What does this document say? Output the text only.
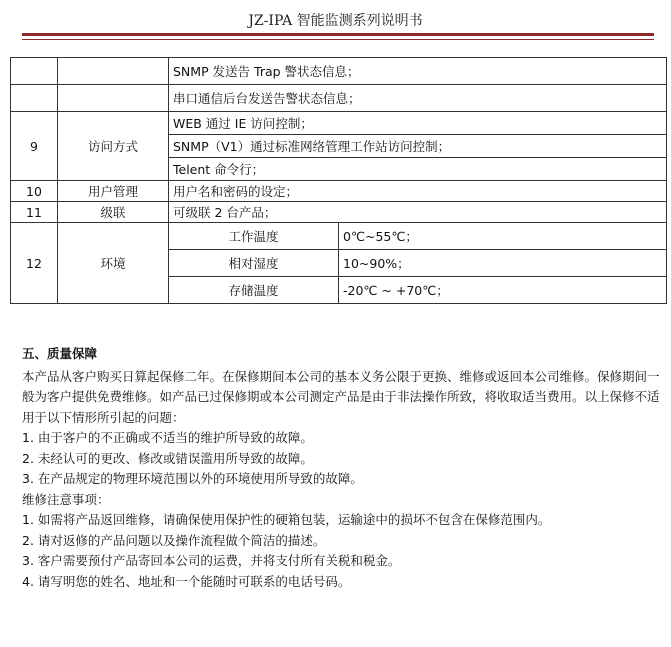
JZ-IPA 智能监测系列说明书
		SNMP 发送告 Trap 警状态信息；	
		串口通信后台发送告警状态信息；	
9	访问方式	WEB 通过 IE 访问控制；	
		SNMP（V1）通过标准网络管理工作站访问控制；	
		Telent 命令行；	
10	用户管理	用户名和密码的设定；	
11	级联	可级联 2 台产品；	
12	环境	工作温度	0℃~55℃；
		相对湿度	10~90%；
		存储温度	-20℃ ~ +70℃；
五、质量保障

本产品从客户购买日算起保修二年。在保修期间本公司的基本义务公限于更换、维修或返回本公司维修。保修期间一般为客户提供免费维修。如产品已过保修期或本公司测定产品是由于非法操作所致，将收取适当费用。以上保修不适用于以下情形所引起的问题：

1. 由于客户的不正确或不适当的维护所导致的故障。

2. 未经认可的更改、修改或错误滥用所导致的故障。

3. 在产品规定的物理环境范围以外的环境使用所导致的故障。

维修注意事项：

1. 如需将产品返回维修，请确保使用保护性的硬箱包装，运输途中的损坏不包含在保修范围内。

2. 请对返修的产品问题以及操作流程做个简洁的描述。

3. 客户需要预付产品寄回本公司的运费，并将支付所有关税和税金。

4. 请写明您的姓名、地址和一个能随时可联系的电话号码。
